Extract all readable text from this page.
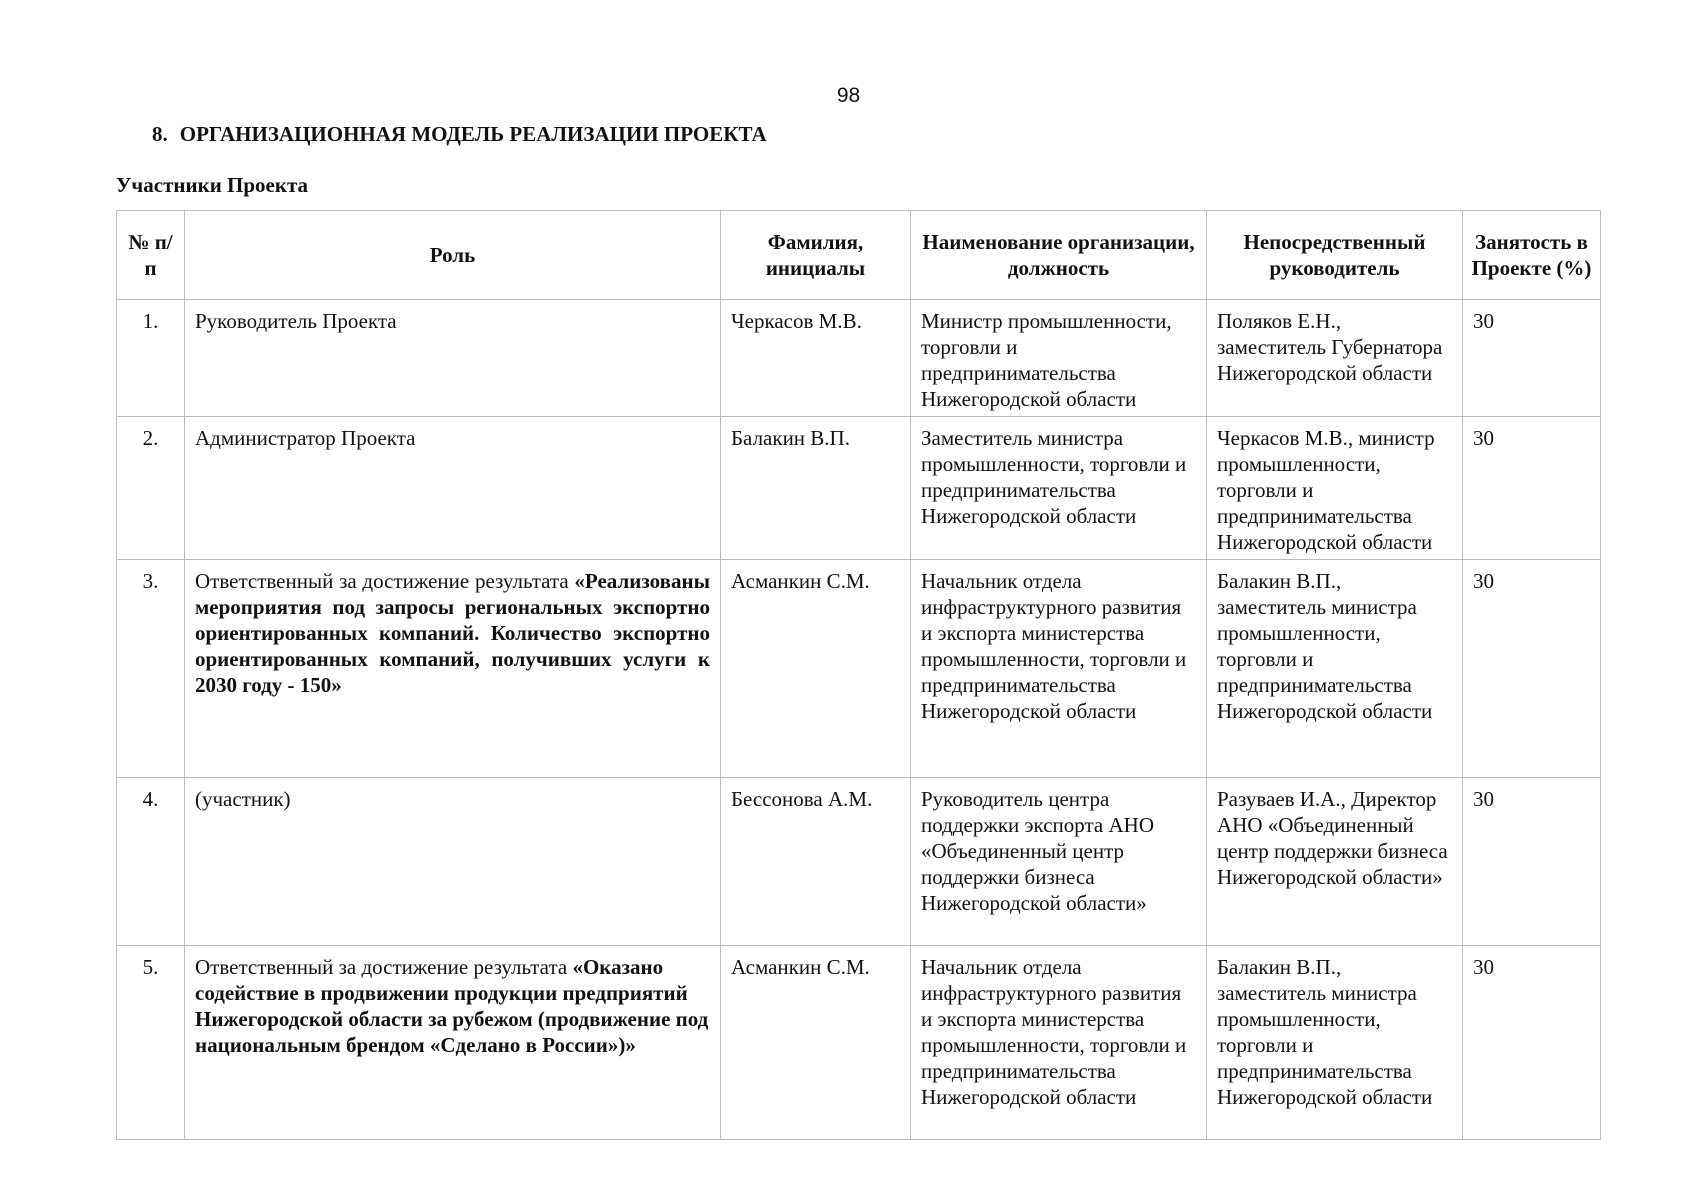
98
8. ОРГАНИЗАЦИОННАЯ МОДЕЛЬ РЕАЛИЗАЦИИ ПРОЕКТА
Участники Проекта
№ п/п	Роль	Фамилия, инициалы	Наименование организации, должность	Непосредственный руководитель	Занятость в Проекте (%)
1.	Руководитель Проекта	Черкасов М.В.	Министр промышленности, торговли и предпринимательства Нижегородской области	Поляков Е.Н., заместитель Губернатора Нижегородской области	30
2.	Администратор Проекта	Балакин В.П.	Заместитель министра промышленности, торговли и предпринимательства Нижегородской области	Черкасов М.В., министр промышленности, торговли и предпринимательства Нижегородской области	30
3.	Ответственный за достижение результата «Реализованы мероприятия под запросы региональных экспортно ориентированных компаний. Количество экспортно ориентированных компаний, получивших услуги к 2030 году - 150»	Асманкин С.М.	Начальник отдела инфраструктурного развития и экспорта министерства промышленности, торговли и предпринимательства Нижегородской области	Балакин В.П., заместитель министра промышленности, торговли и предпринимательства Нижегородской области	30
4.	(участник)	Бессонова А.М.	Руководитель центра поддержки экспорта АНО «Объединенный центр поддержки бизнеса Нижегородской области»	Разуваев И.А., Директор АНО «Объединенный центр поддержки бизнеса Нижегородской области»	30
5.	Ответственный за достижение результата «Оказано содействие в продвижении продукции предприятий Нижегородской области за рубежом (продвижение под национальным брендом «Сделано в России»)»	Асманкин С.М.	Начальник отдела инфраструктурного развития и экспорта министерства промышленности, торговли и предпринимательства Нижегородской области	Балакин В.П., заместитель министра промышленности, торговли и предпринимательства Нижегородской области	30
